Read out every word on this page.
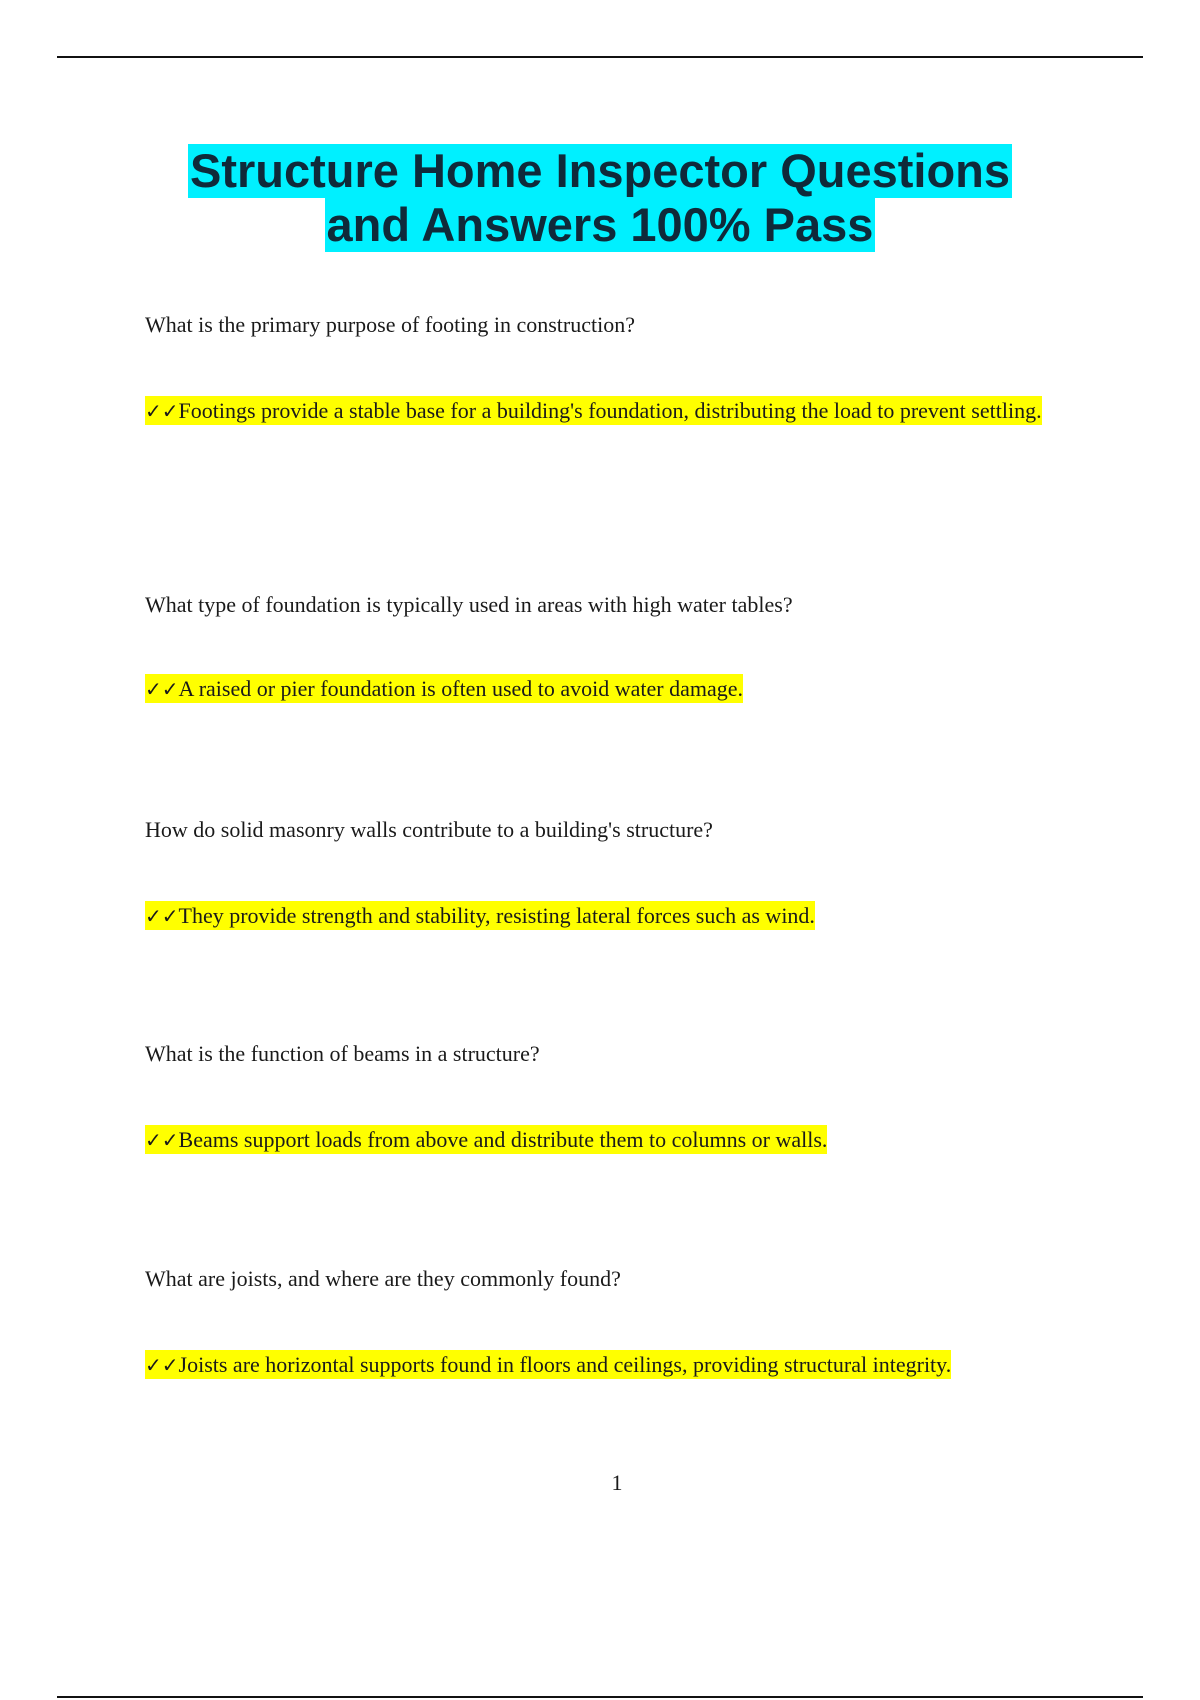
Structure Home Inspector Questions
and Answers 100% Pass
What is the primary purpose of footing in construction?
✓✓Footings provide a stable base for a building's foundation, distributing the load to prevent settling.
What type of foundation is typically used in areas with high water tables?
✓✓A raised or pier foundation is often used to avoid water damage.
How do solid masonry walls contribute to a building's structure?
✓✓They provide strength and stability, resisting lateral forces such as wind.
What is the function of beams in a structure?
✓✓Beams support loads from above and distribute them to columns or walls.
What are joists, and where are they commonly found?
✓✓Joists are horizontal supports found in floors and ceilings, providing structural integrity.
1
